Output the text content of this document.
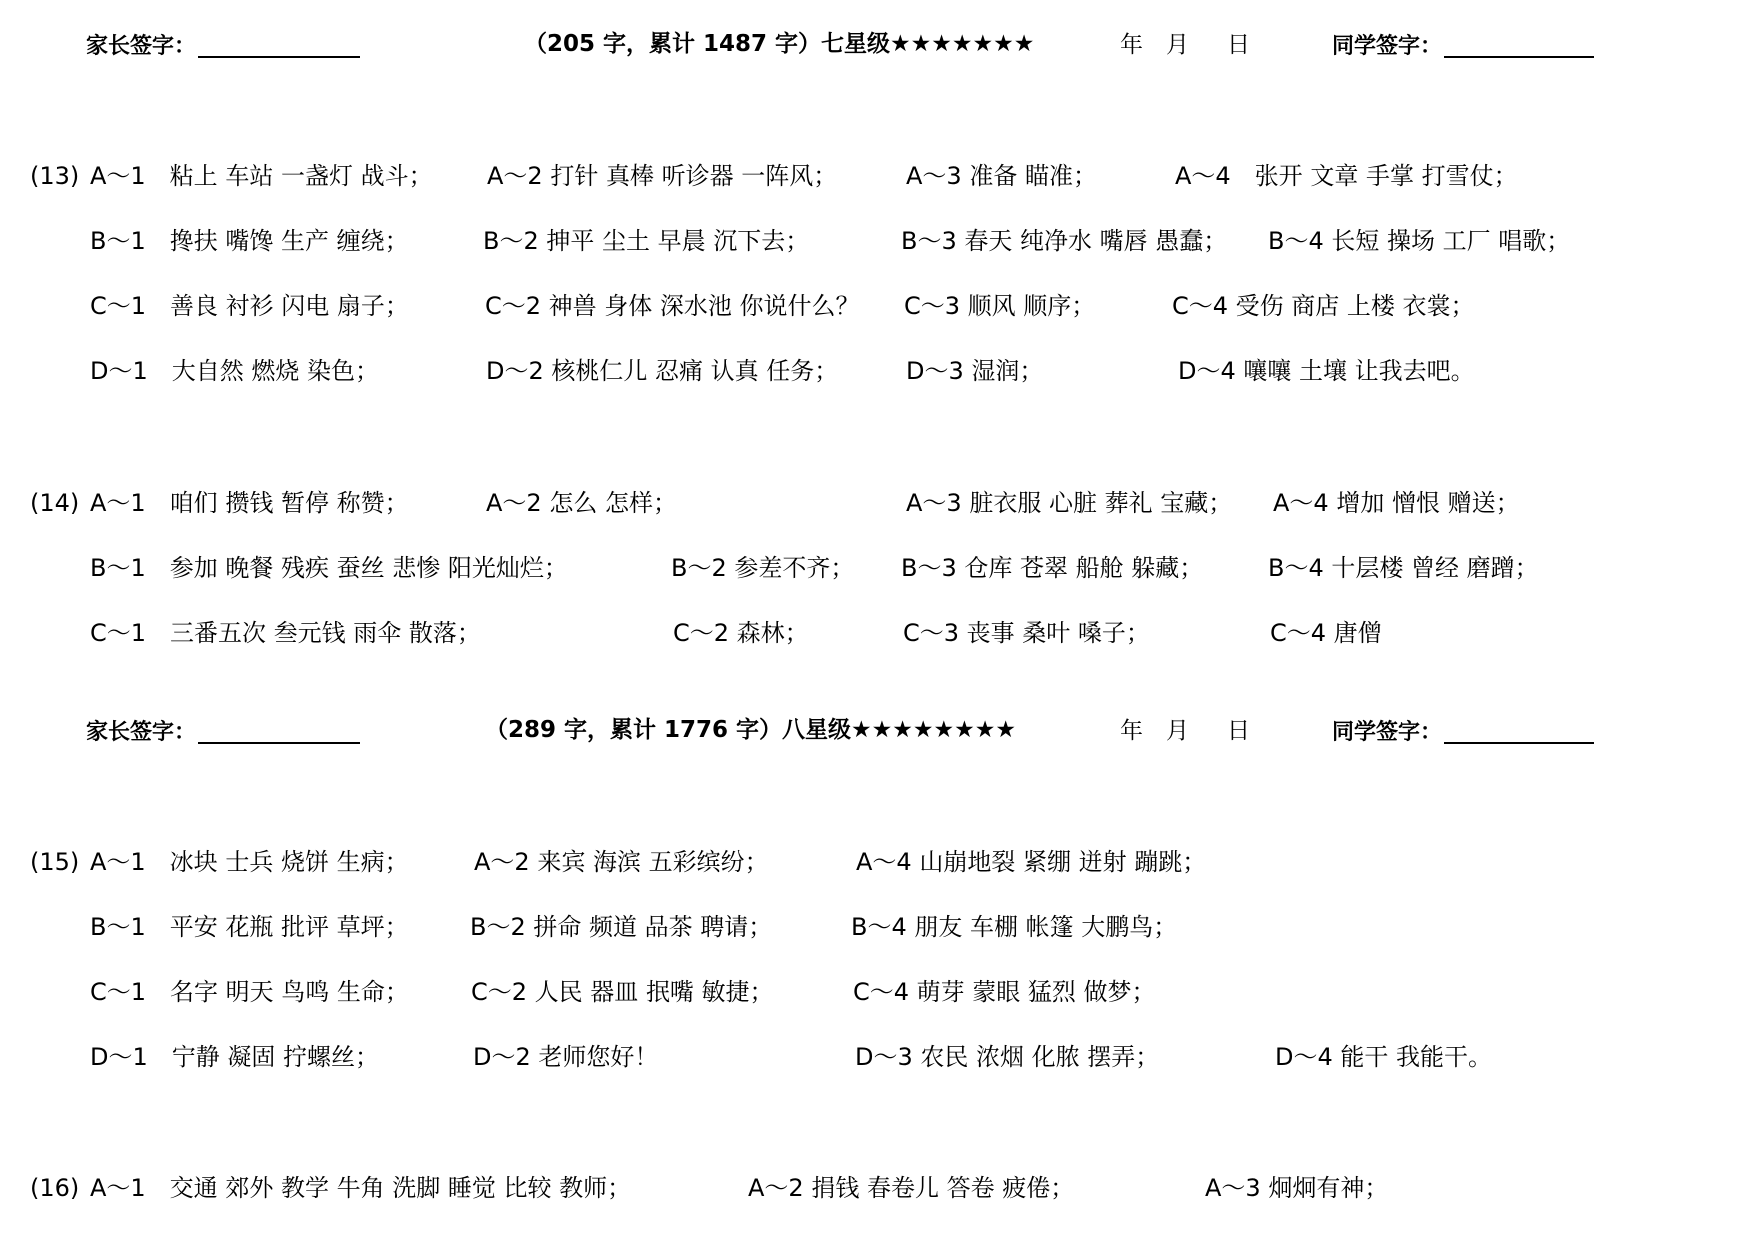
家长签字：	（205 字，累计 1487 字）七星级★★★★★★★	年 月 日	同学签字：
(13) A～1　粘上 车站 一盏灯 战斗； A～2 打针 真棒 听诊器 一阵风；	A～3 准备 瞄准；	A～4　张开 文章 手掌 打雪仗；
B～1　搀扶 嘴馋 生产 缠绕；	B～2 抻平 尘土 早晨 沉下去；	B～3 春天 纯净水 嘴唇 愚蠢； B～4 长短 操场 工厂 唱歌；
C～1　善良 衬衫 闪电 扇子；	C～2 神兽 身体 深水池 你说什么？ C～3 顺风 顺序；	C～4 受伤 商店 上楼 衣裳；
D～1　大自然 燃烧 染色；	D～2 核桃仁儿 忍痛 认真 任务；	D～3 湿润；	D～4 嚷嚷 土壤 让我去吧。
(14) A～1　咱们 攒钱 暂停 称赞；	A～2 怎么 怎样；	A～3 脏衣服 心脏 葬礼 宝藏； A～4 增加 憎恨 赠送；
B～1　参加 晚餐 残疾 蚕丝 悲惨 阳光灿烂；	B～2 参差不齐； B～3 仓库 苍翠 船舱 躲藏；	B～4 十层楼 曾经 磨蹭；
C～1　三番五次 叁元钱 雨伞 散落；	C～2 森林；	C～3 丧事 桑叶 嗓子；	C～4 唐僧
家长签字：	（289 字，累计 1776 字）八星级★★★★★★★★	年 月 日	同学签字：
(15) A～1　冰块 士兵 烧饼 生病；	A～2 来宾 海滨 五彩缤纷；	A～4 山崩地裂 紧绷 迸射 蹦跳；
B～1　平安 花瓶 批评 草坪；	B～2 拼命 频道 品茶 聘请；	B～4 朋友 车棚 帐篷 大鹏鸟；
C～1　名字 明天 鸟鸣 生命；	C～2 人民 器皿 抿嘴 敏捷；	C～4 萌芽 蒙眼 猛烈 做梦；
D～1　宁静 凝固 拧螺丝；	D～2 老师您好！	D～3 农民 浓烟 化脓 摆弄；	D～4 能干 我能干。
(16) A～1　交通 郊外 教学 牛角 洗脚 睡觉 比较 教师；	A～2 捐钱 春卷儿 答卷 疲倦；	A～3 炯炯有神；
